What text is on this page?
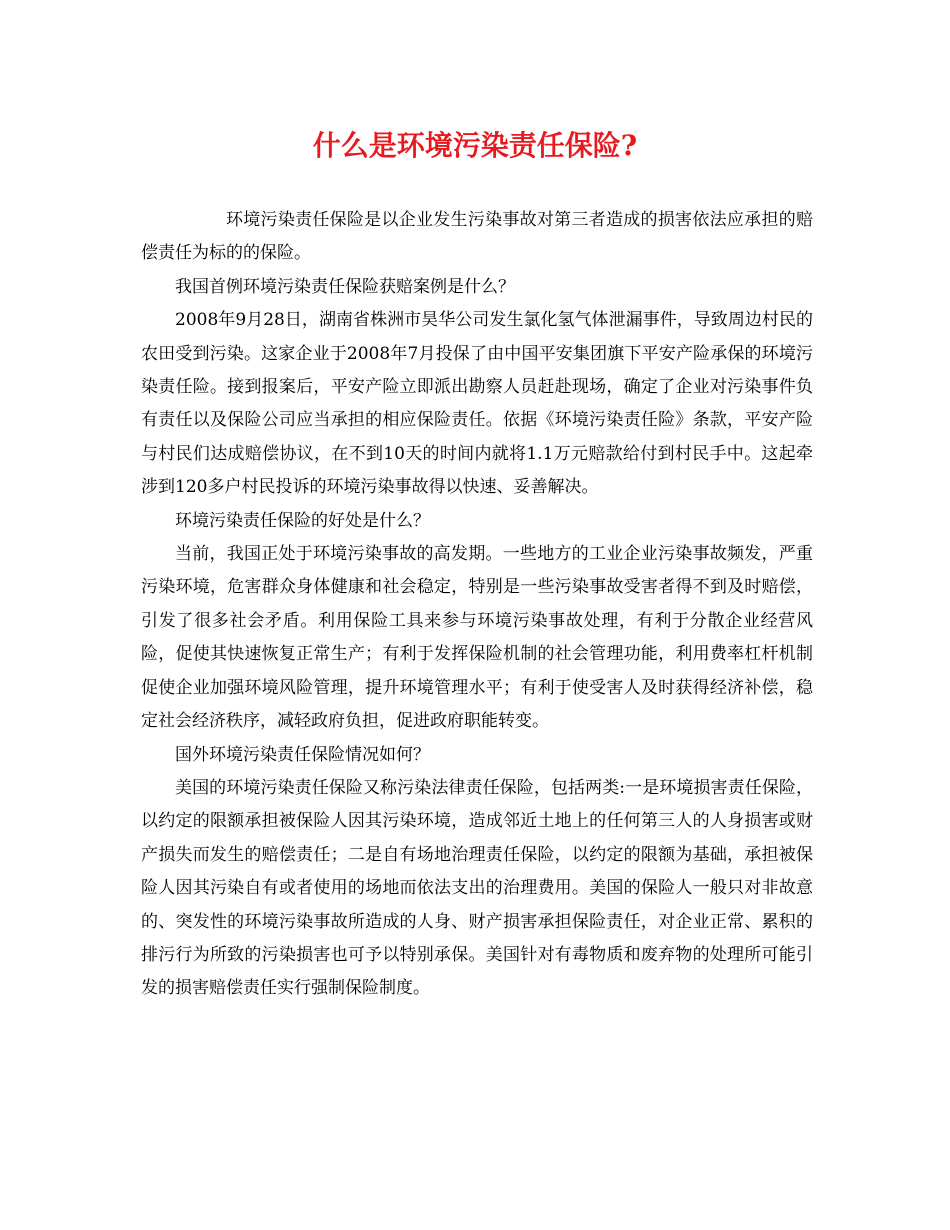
什么是环境污染责任保险?

环境污染责任保险是以企业发生污染事故对第三者造成的损害依法应承担的赔偿责任为标的的保险。

我国首例环境污染责任保险获赔案例是什么？

2008年9月28日，湖南省株洲市昊华公司发生氯化氢气体泄漏事件，导致周边村民的农田受到污染。这家企业于2008年7月投保了由中国平安集团旗下平安产险承保的环境污染责任险。接到报案后，平安产险立即派出勘察人员赶赴现场，确定了企业对污染事件负有责任以及保险公司应当承担的相应保险责任。依据《环境污染责任险》条款，平安产险与村民们达成赔偿协议，在不到10天的时间内就将1.1万元赔款给付到村民手中。这起牵涉到120多户村民投诉的环境污染事故得以快速、妥善解决。

环境污染责任保险的好处是什么？

当前，我国正处于环境污染事故的高发期。一些地方的工业企业污染事故频发，严重污染环境，危害群众身体健康和社会稳定，特别是一些污染事故受害者得不到及时赔偿，引发了很多社会矛盾。利用保险工具来参与环境污染事故处理，有利于分散企业经营风险，促使其快速恢复正常生产；有利于发挥保险机制的社会管理功能，利用费率杠杆机制促使企业加强环境风险管理，提升环境管理水平；有利于使受害人及时获得经济补偿，稳定社会经济秩序，减轻政府负担，促进政府职能转变。

国外环境污染责任保险情况如何？

美国的环境污染责任保险又称污染法律责任保险，包括两类:一是环境损害责任保险，以约定的限额承担被保险人因其污染环境，造成邻近土地上的任何第三人的人身损害或财产损失而发生的赔偿责任；二是自有场地治理责任保险，以约定的限额为基础，承担被保险人因其污染自有或者使用的场地而依法支出的治理费用。美国的保险人一般只对非故意的、突发性的环境污染事故所造成的人身、财产损害承担保险责任，对企业正常、累积的排污行为所致的污染损害也可予以特别承保。美国针对有毒物质和废弃物的处理所可能引发的损害赔偿责任实行强制保险制度。
